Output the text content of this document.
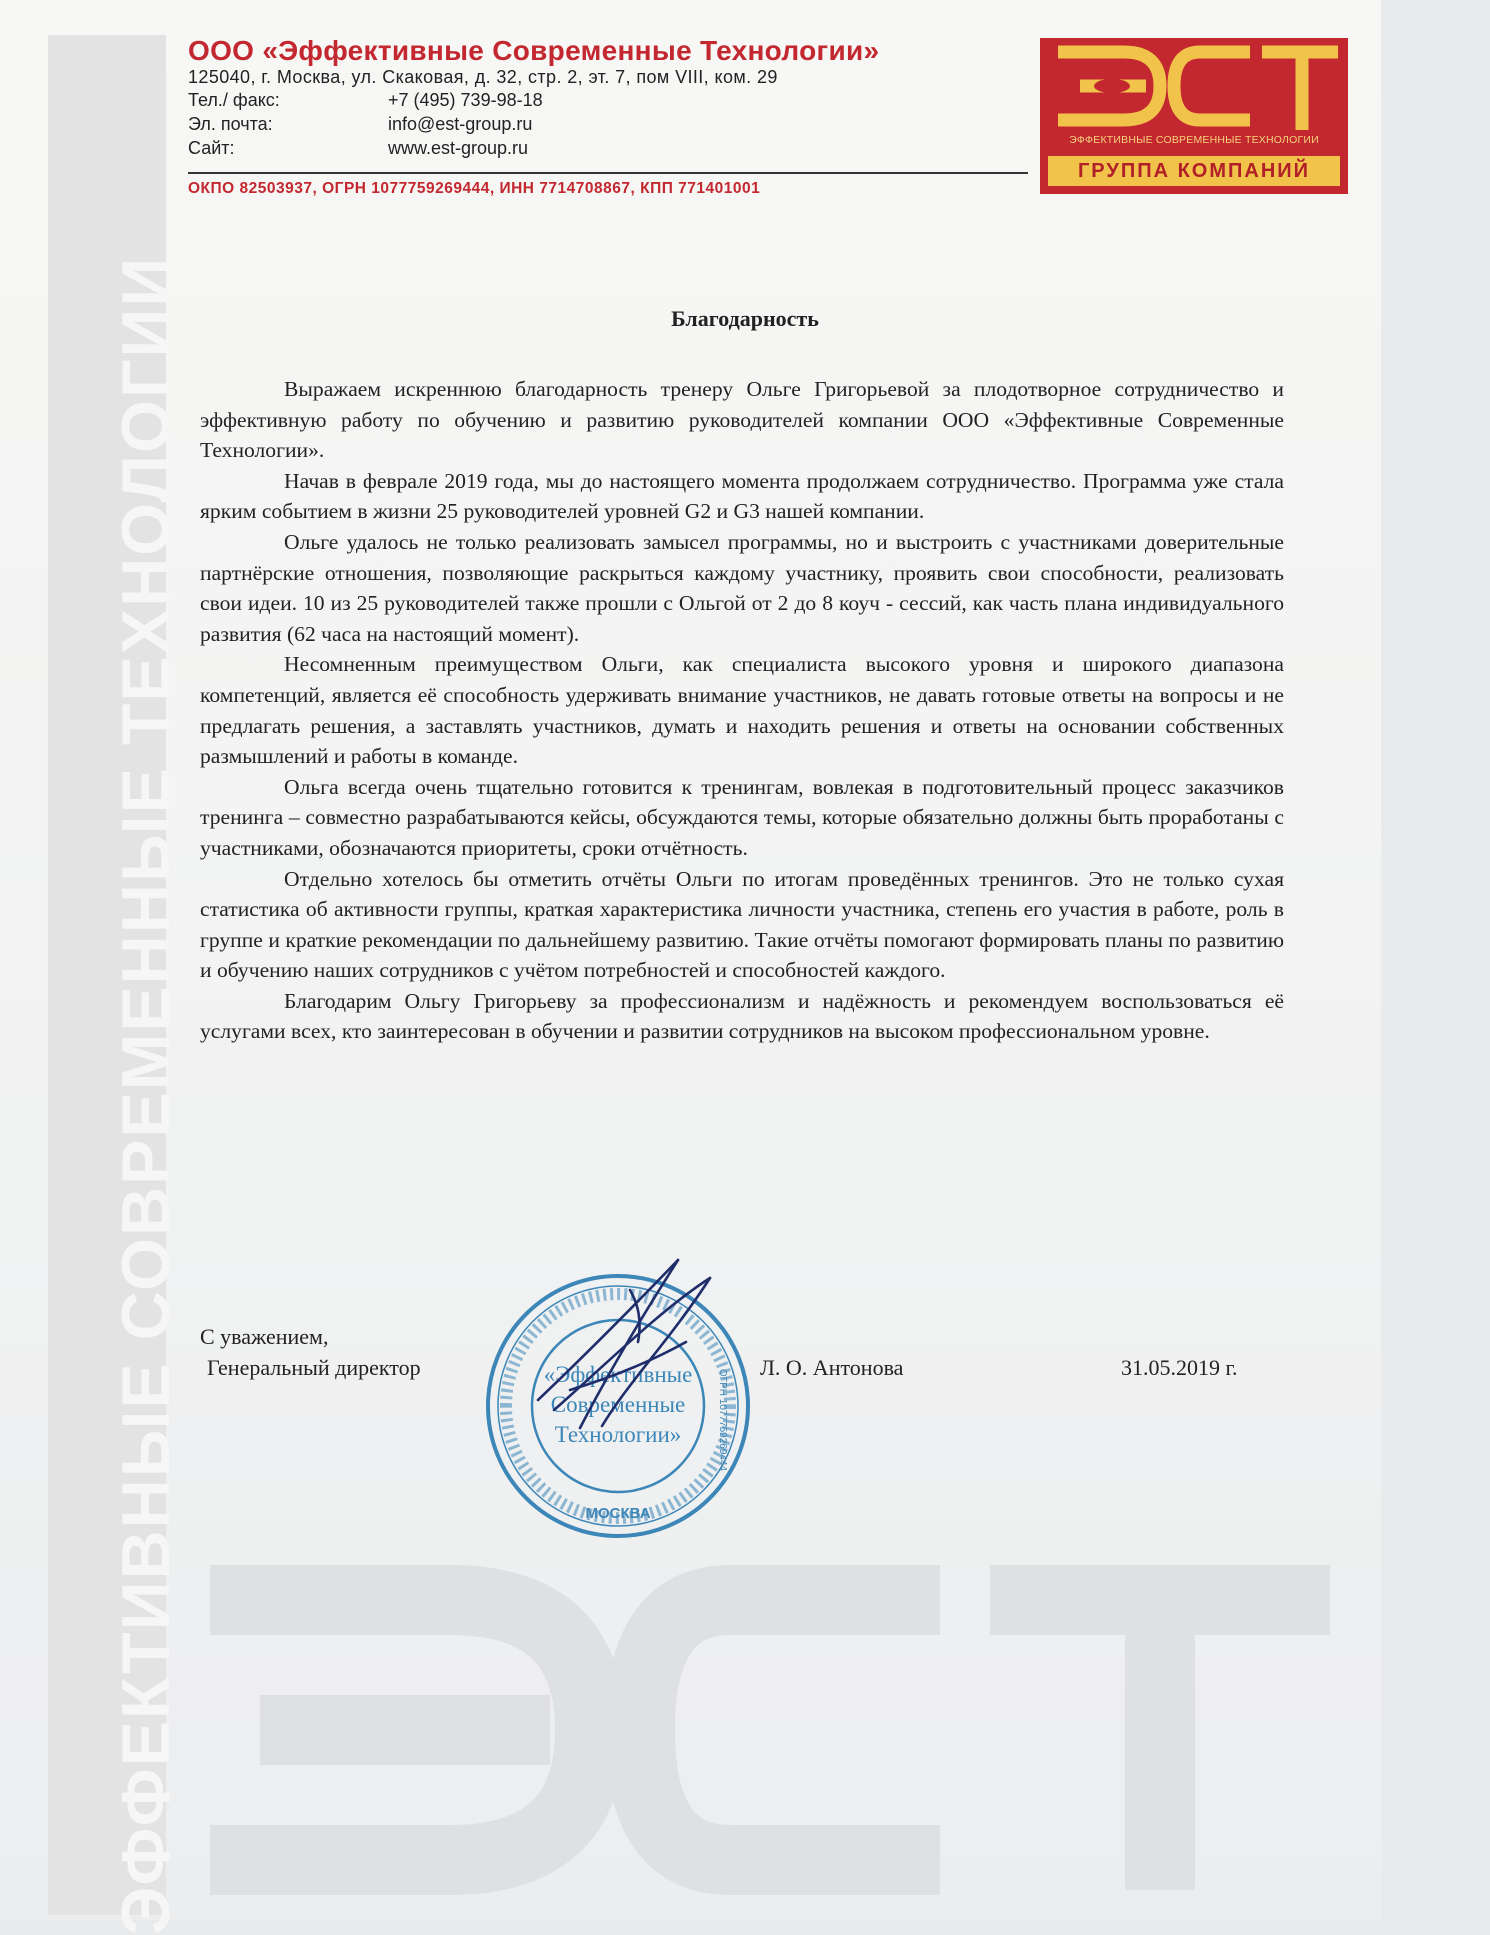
ЭФФЕКТИВНЫЕ СОВРЕМЕННЫЕ ТЕХНОЛОГИИ
ООО «Эффективные Современные Технологии»
125040, г. Москва, ул. Скаковая, д. 32, стр. 2, эт. 7, пом VIII, ком. 29
Тел./ факс:	+7 (495) 739-98-18
Эл. почта:	info@est-group.ru
Сайт:	www.est-group.ru
ОКПО 82503937, ОГРН 1077759269444, ИНН 7714708867, КПП 771401001
ЭФФЕКТИВНЫЕ СОВРЕМЕННЫЕ ТЕХНОЛОГИИ
ГРУППА КОМПАНИЙ
Благодарность

Выражаем искреннюю благодарность тренеру Ольге Григорьевой за плодотворное сотрудничество и эффективную работу по обучению и развитию руководителей компании ООО «Эффективные Современные Технологии».

Начав в феврале 2019 года, мы до настоящего момента продолжаем сотрудничество. Программа уже стала ярким событием в жизни 25 руководителей уровней G2 и G3 нашей компании.

Ольге удалось не только реализовать замысел программы, но и выстроить с участниками доверительные партнёрские отношения, позволяющие раскрыться каждому участнику, проявить свои способности, реализовать свои идеи. 10 из 25 руководителей также прошли с Ольгой от 2 до 8 коуч - сессий, как часть плана индивидуального развития (62 часа на настоящий момент).

Несомненным преимуществом Ольги, как специалиста высокого уровня и широкого диапазона компетенций, является её способность удерживать внимание участников, не давать готовые ответы на вопросы и не предлагать решения, а заставлять участников, думать и находить решения и ответы на основании собственных размышлений и работы в команде.

Ольга всегда очень тщательно готовится к тренингам, вовлекая в подготовительный процесс заказчиков тренинга – совместно разрабатываются кейсы, обсуждаются темы, которые обязательно должны быть проработаны с участниками, обозначаются приоритеты, сроки отчётность.

Отдельно хотелось бы отметить отчёты Ольги по итогам проведённых тренингов. Это не только сухая статистика об активности группы, краткая характеристика личности участника, степень его участия в работе, роль в группе и краткие рекомендации по дальнейшему развитию. Такие отчёты помогают формировать планы по развитию и обучению наших сотрудников с учётом потребностей и способностей каждого.

Благодарим Ольгу Григорьеву за профессионализм и надёжность и рекомендуем воспользоваться её услугами всех, кто заинтересован в обучении и развитии сотрудников на высоком профессиональном уровне.

«Эффективные
Современные
Технологии»
МОСКВА
ОГРН 1077759269444
С уважением,
Генеральный директор	Л. О. Антонова	31.05.2019 г.
